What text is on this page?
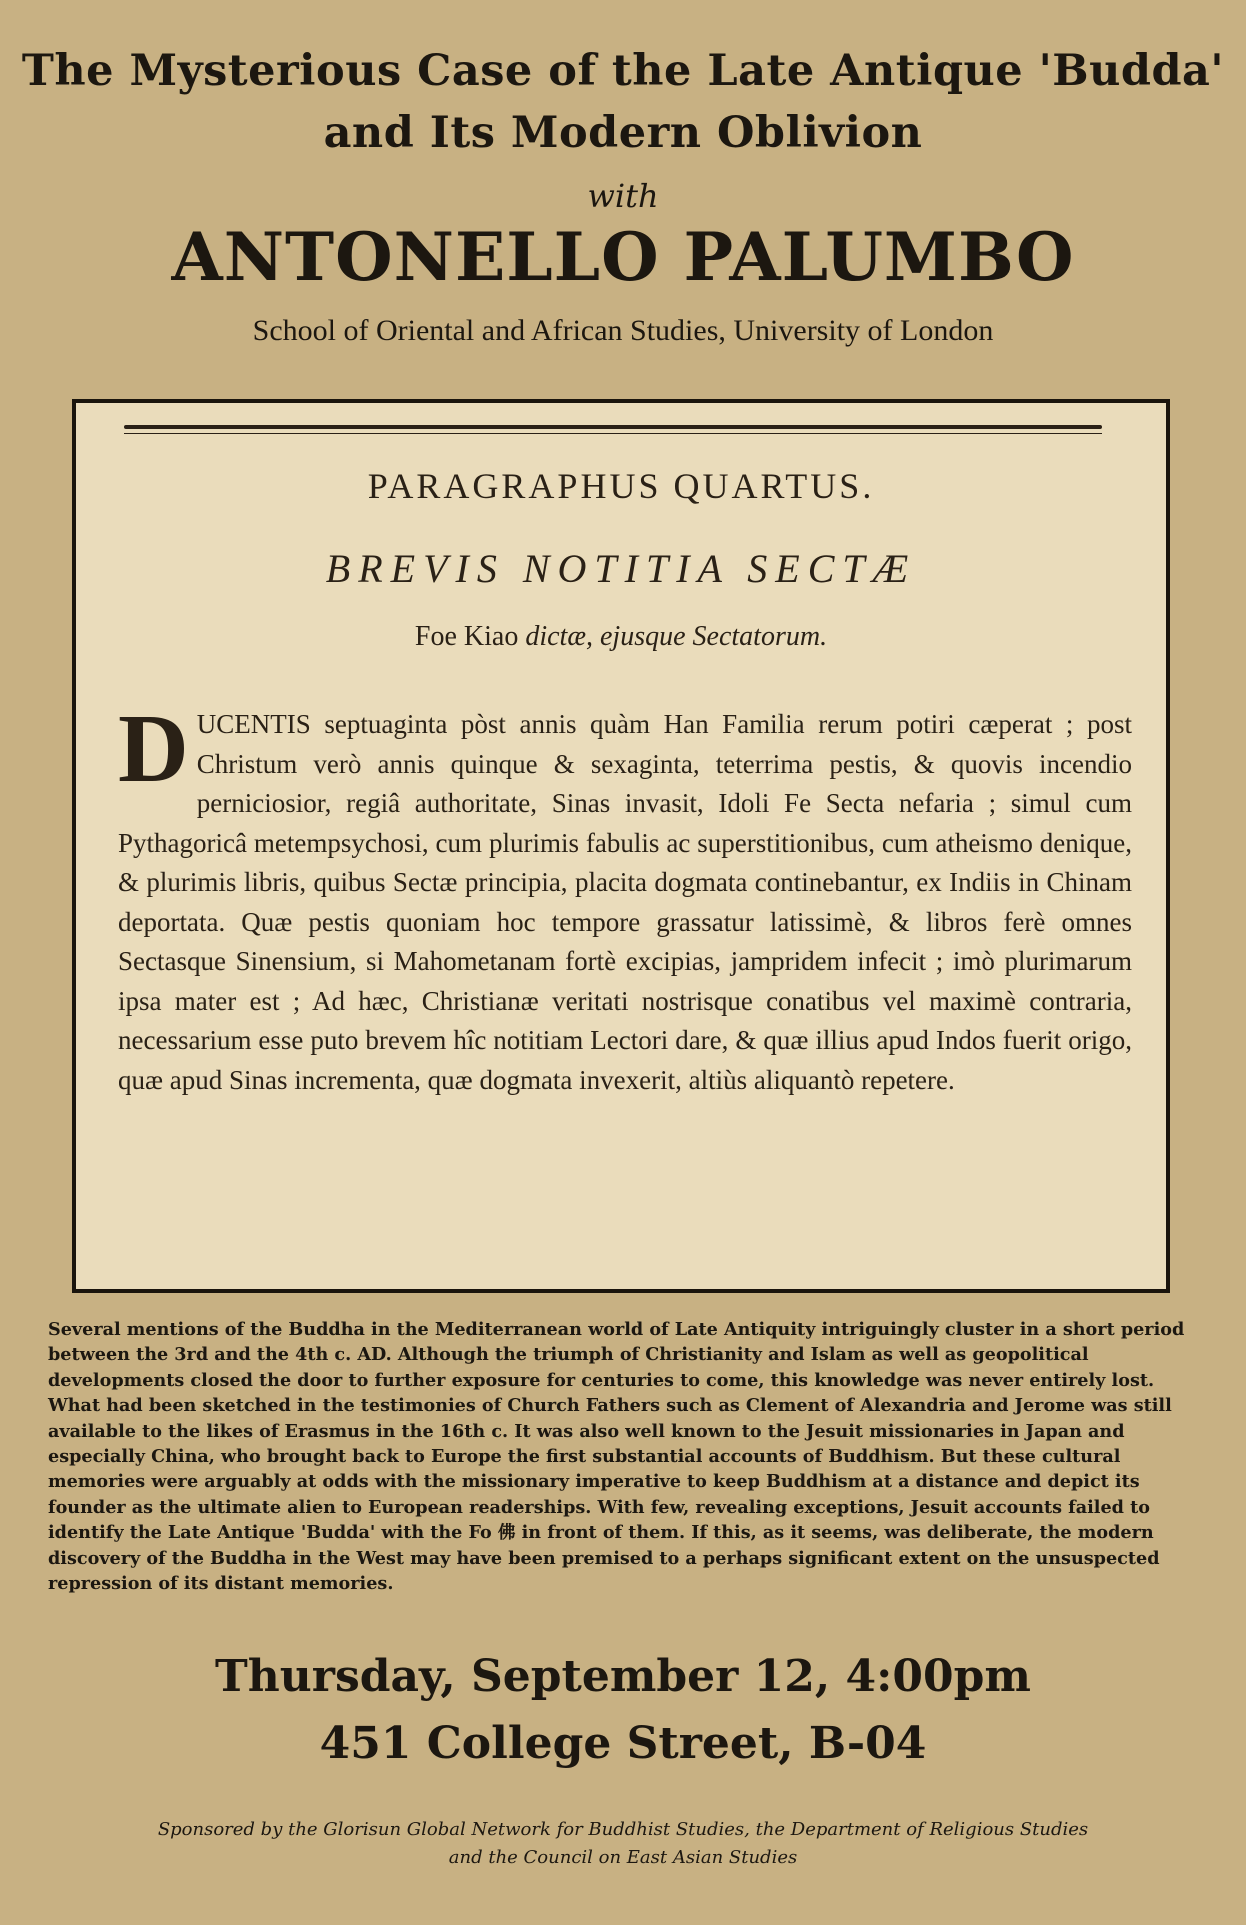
The Mysterious Case of the Late Antique 'Budda'
and Its Modern Oblivion

with

ANTONELLO PALUMBO

School of Oriental and African Studies, University of London

PARAGRAPHUS QUARTUS.

BREVIS NOTITIA SECTÆ

Foe Kiao dictæ, ejusque Sectatorum.

DUCENTIS septuaginta pòst annis quàm Han Familia rerum potiri cæperat ; post Christum verò annis quinque & sexaginta, teterrima pestis, & quovis incendio perniciosior, regiâ authoritate, Sinas invasit, Idoli Fe Secta nefaria ; simul cum Pythagoricâ metempsychosi, cum plurimis fabulis ac superstitionibus, cum atheismo denique, & plurimis libris, quibus Sectæ principia, placita dogmata continebantur, ex Indiis in Chinam deportata. Quæ pestis quoniam hoc tempore grassatur latissimè, & libros ferè omnes Sectasque Sinensium, si Mahometanam fortè excipias, jampridem infecit ; imò plurimarum ipsa mater est ; Ad hæc, Christianæ veritati nostrisque conatibus vel maximè contraria, necessarium esse puto brevem hîc notitiam Lectori dare, & quæ illius apud Indos fuerit origo, quæ apud Sinas incrementa, quæ dogmata invexerit, altiùs aliquantò repetere.

Several mentions of the Buddha in the Mediterranean world of Late Antiquity intriguingly cluster in a short period between the 3rd and the 4th c. AD. Although the triumph of Christianity and Islam as well as geopolitical developments closed the door to further exposure for centuries to come, this knowledge was never entirely lost. What had been sketched in the testimonies of Church Fathers such as Clement of Alexandria and Jerome was still available to the likes of Erasmus in the 16th c. It was also well known to the Jesuit missionaries in Japan and especially China, who brought back to Europe the first substantial accounts of Buddhism. But these cultural memories were arguably at odds with the missionary imperative to keep Buddhism at a distance and depict its founder as the ultimate alien to European readerships. With few, revealing exceptions, Jesuit accounts failed to identify the Late Antique 'Budda' with the Fo 佛 in front of them. If this, as it seems, was deliberate, the modern discovery of the Buddha in the West may have been premised to a perhaps significant extent on the unsuspected repression of its distant memories.

Thursday, September 12, 4:00pm
451 College Street, B-04

Sponsored by the Glorisun Global Network for Buddhist Studies, the Department of Religious Studies
and the Council on East Asian Studies
